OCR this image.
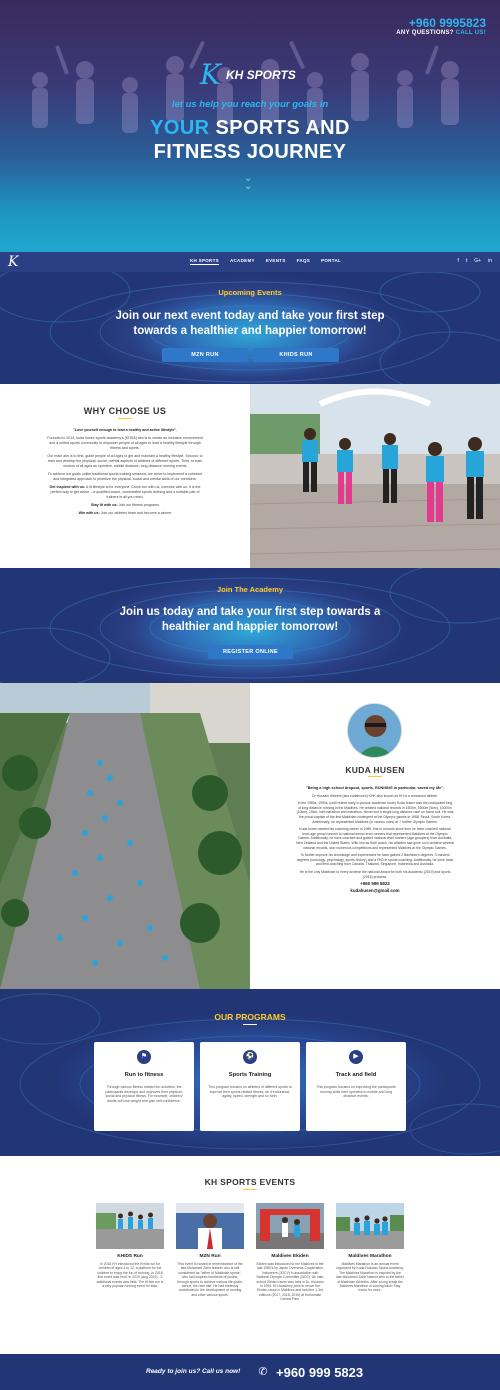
+960 9995823
ANY QUESTIONS? CALL US!
K KH SPORTS
let us help you reach your goals in
YOUR SPORTS AND
FITNESS JOURNEY
⌄
⌄
K	KH SPORTS ACADEMY EVENTS FAQS PORTAL	f t G+ in
Upcoming Events
Join our next event today and take your first step
towards a healthier and happier tomorrow!
MZN RUN	KHIDS RUN
WHY CHOOSE US

"Love yourself enough to lead a healthy and active lifestyle".

Founded in 2014, kuda husen sports academy's (KHSA) aim is to create an inclusive environment and a united sports community to empower people of all ages to lead a healthy lifestyle through fitness and sports.

Our main aim is to first, guide people of all ages to get and maintain a healthy lifestyle. Second, to train and develop the physical, social, mental aspects of athletes of different sports. Third, to train runners of all ages as sprinters, middle distance, long distance running events.

To achieve our goals unlike traditional sports training sessions, we strive to implement a cohesive and integrated approach to prioritize the physical, social and mental skills of our members.

Get inspired with us: A fit lifestyle is for everyone. Come run with us, exercise with us. It is the perfect way to get active – a qualified coach, comfortable sports clothing and a suitable pair of trainers is all you need.

Stay fit with us: Join our fitness programs

Win with us: Join our athletes team and become a winner

Join The Academy
Join us today and take your first step towards a
healthier and happier tomorrow!
REGISTER ONLINE
KUDA HUSEN

"Being a high school dropout, sports, RUNNING in particular, saved my life".

Dr Hussain Haleem (aka kudahusen) KHK also known as KH is a renowned athlete.

In the 1980s, 1990s, (until retired early to pursue academic route) Kuda husen was the undisputed king of long distance running in the Maldives. He created national records in 1500m, 5000m (5km), 10000m (10km), 20km, half marathon and marathon. Never lost a single long distance race on home soil. He was the proud captain of the first Maldivian contingent at the Olympic games in 1988, Seoul, South Korea. Additionally, he represented Maldives (in various roles) at 7 further Olympic Games.

Kuda husen started his coaching career in 1989, first to schools since then he have coached national level age group runners to national senior level runners that represented Maldives at the Olympic Games. Additionally, he have coached and guided national level runners (age groupers) from Australia, New Zealand and the United States. With him as their coach, his athletes had gone on to achieve several national records, won numerous competitions and represented Maldives at the Olympic Games.

To further improve his knowledge and experienced he have gained 2 Bachelor's degrees, 3 masters degrees (sociology, psychology, sports history) and a PhD in sports coaching. Additionally, he done track and field coaching from Canada, Thailand, Singapore, Indonesia and Australia.

He is the only Maldivian to every achieve the national award for both his academic (2019) and sports (2016) prowess.

+960 999 5823

kudahusen@gmail.com

OUR PROGRAMS
⚑
Run to fitness
Through various fitness related fun activities, the participants develops and improves their physical, social and physical fitness. For example, children/ adults will lose weight and gain self-confidence.
⚽
Sports Training
This program focuses on athletes of different sports to improve their sports related fitness, be it endurance, agility, speed, strength and so forth.
▶
Track and field
This program focuses on improving the participants running skills from sprinters to middle and long distance events.
KH SPORTS EVENTS
KHIDS Run
In 2018 KH introduced the KHids run for children of ages 4 to 12, a platform for the children to enjoy the fun of running. In 2018 first event was held. In 2019 (Aug 2019) - 2 additional events was held. The KHids run is a very popular running event for kids.
MZN Run
This event is hosted in remembrance of the late Mohamed Zahir Naseer who is still considered as "father of Maldivian sports", who had inspired hundreds of youths, through sports to achieve various life goals; hence, the race title. He had tirelessly contributed to the development of running and other various sports.
Maldives Ekiden
Ekiden was introduced to the Maldives in the late 1980's by Japan Overseas Cooperation Volunteers (JOCV) in association with National Olympic Committee (NOC). An inter school Ekiden races was held in Dr. Husham in 1994. KH Academy joins to revive the Ekiden races in Maldives and held the 1-3rd editions (2017, 2018, 2019) at Hulhumale Central Park.
Maldives Marathon
Maldives Marathon is an annual event organized by Kuda Hussain Sports Academy. The Maldives Marathon is inspired by the late Mohamed Zahir Naseer who is the father of Maldivian Athletics. After a long break the Maldives Marathon is coming back! Stay tuned for more.
Ready to join us? Call us now! ✆ +960 999 5823
